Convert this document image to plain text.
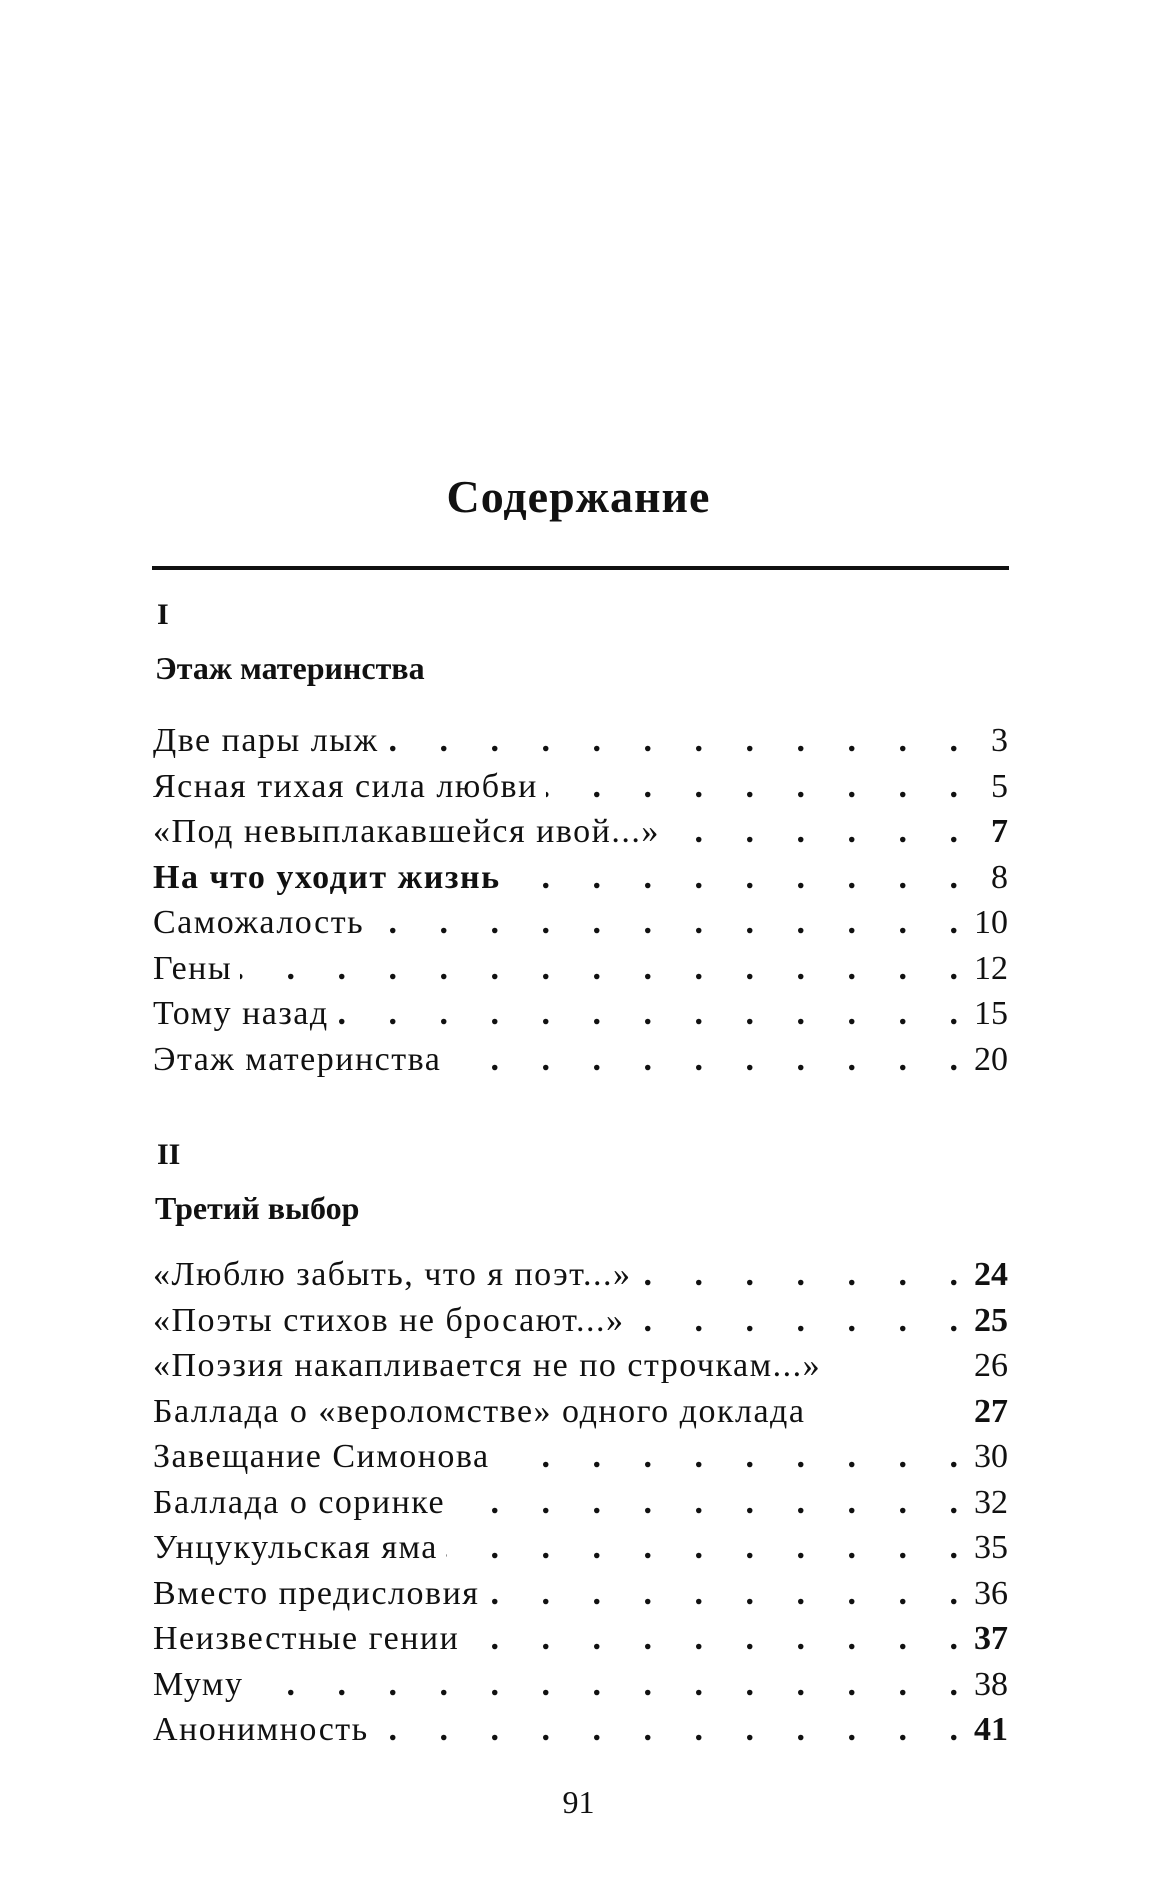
Содержание
I
Этаж материнства
Две пары лыж .	3
Ясная тихая сила любви .	5
«Под невыплакавшейся ивой...» .	7
На что уходит жизнь .	8
Саможалость .	10
Гены .	12
Тому назад .	15
Этаж материнства .	20
II
Третий выбор
«Люблю забыть, что я поэт...» .	24
«Поэты стихов не бросают...» .	25
«Поэзия накапливается не по строчкам...»	26
Баллада о «вероломстве» одного доклада	27
Завещание Симонова .	30
Баллада о соринке .	32
Унцукульская яма .	35
Вместо предисловия .	36
Неизвестные гении .	37
Муму .	38
Анонимность .	41
91
